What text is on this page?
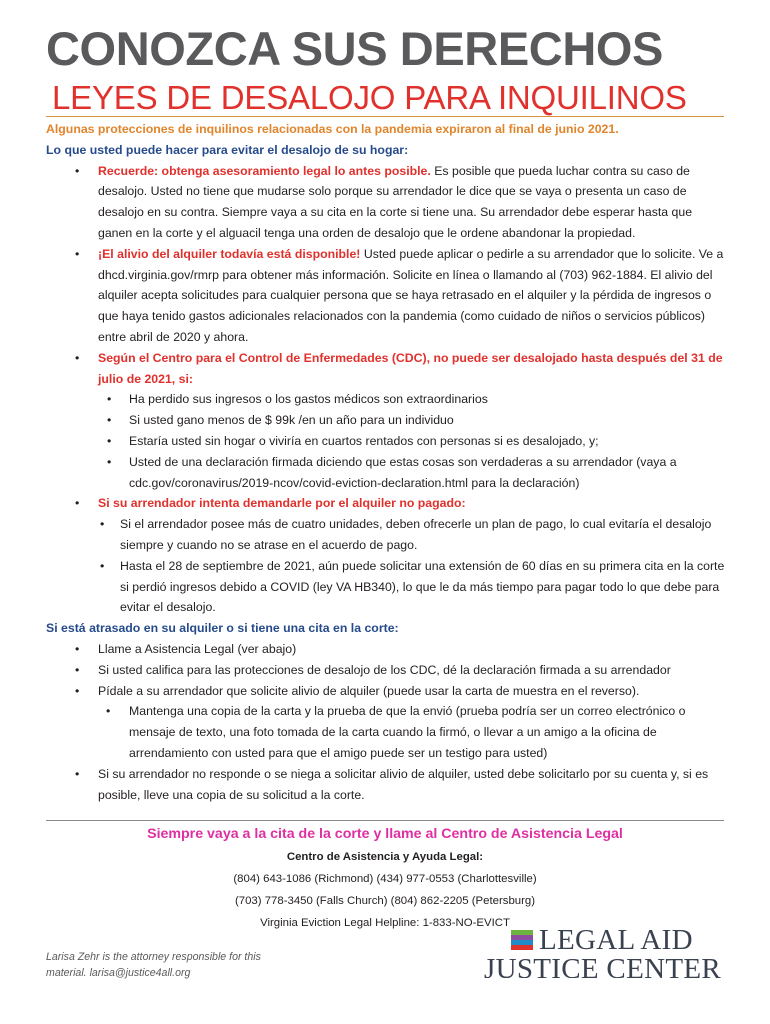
CONOZCA SUS DERECHOS
LEYES DE DESALOJO PARA INQUILINOS

Algunas protecciones de inquilinos relacionadas con la pandemia expiraron al final de junio 2021.

Lo que usted puede hacer para evitar el desalojo de su hogar:

• Recuerde: obtenga asesoramiento legal lo antes posible. Es posible que pueda luchar contra su caso de desalojo. Usted no tiene que mudarse solo porque su arrendador le dice que se vaya o presenta un caso de desalojo en su contra. Siempre vaya a su cita en la corte si tiene una. Su arrendador debe esperar hasta que ganen en la corte y el alguacil tenga una orden de desalojo que le ordene abandonar la propiedad.
• ¡El alivio del alquiler todavía está disponible! Usted puede aplicar o pedirle a su arrendador que lo solicite. Ve a dhcd.virginia.gov/rmrp para obtener más información. Solicite en línea o llamando al (703) 962-1884. El alivio del alquiler acepta solicitudes para cualquier persona que se haya retrasado en el alquiler y la pérdida de ingresos o que haya tenido gastos adicionales relacionados con la pandemia (como cuidado de niños o servicios públicos) entre abril de 2020 y ahora.
• Según el Centro para el Control de Enfermedades (CDC), no puede ser desalojado hasta después del 31 de julio de 2021, si:
• Ha perdido sus ingresos o los gastos médicos son extraordinarios
• Si usted gano menos de $ 99k /en un año para un individuo
• Estaría usted sin hogar o viviría en cuartos rentados con personas si es desalojado, y;
• Usted de una declaración firmada diciendo que estas cosas son verdaderas a su arrendador (vaya a cdc.gov/coronavirus/2019-ncov/covid-eviction-declaration.html para la declaración)
• Si su arrendador intenta demandarle por el alquiler no pagado:
• Si el arrendador posee más de cuatro unidades, deben ofrecerle un plan de pago, lo cual evitaría el desalojo siempre y cuando no se atrase en el acuerdo de pago.
• Hasta el 28 de septiembre de 2021, aún puede solicitar una extensión de 60 días en su primera cita en la corte si perdió ingresos debido a COVID (ley VA HB340), lo que le da más tiempo para pagar todo lo que debe para evitar el desalojo.

Si está atrasado en su alquiler o si tiene una cita en la corte:

• Llame a Asistencia Legal (ver abajo)
• Si usted califica para las protecciones de desalojo de los CDC, dé la declaración firmada a su arrendador
• Pídale a su arrendador que solicite alivio de alquiler (puede usar la carta de muestra en el reverso).
• Mantenga una copia de la carta y la prueba de que la envió (prueba podría ser un correo electrónico o mensaje de texto, una foto tomada de la carta cuando la firmó, o llevar a un amigo a la oficina de arrendamiento con usted para que el amigo puede ser un testigo para usted)
• Si su arrendador no responde o se niega a solicitar alivio de alquiler, usted debe solicitarlo por su cuenta y, si es posible, lleve una copia de su solicitud a la corte.
Siempre vaya a la cita de la corte y llame al Centro de Asistencia Legal
Centro de Asistencia y Ayuda Legal:
(804) 643-1086 (Richmond) (434) 977-0553 (Charlottesville)
(703) 778-3450 (Falls Church) (804) 862-2205 (Petersburg)
Virginia Eviction Legal Helpline: 1-833-NO-EVICT
Larisa Zehr is the attorney responsible for this
material. larisa@justice4all.org
LEGAL AID
JUSTICE CENTER
